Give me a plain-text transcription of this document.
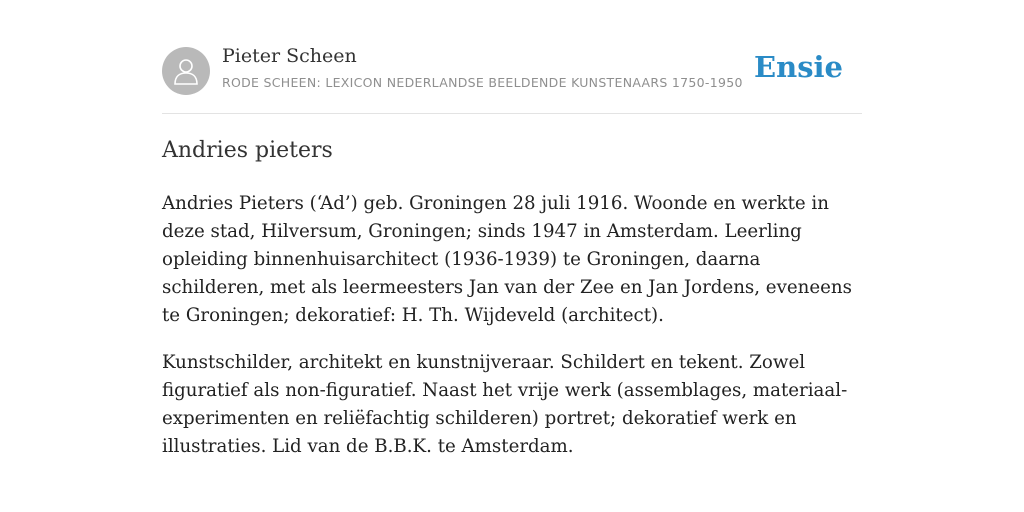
Pieter Scheen
RODE SCHEEN: LEXICON NEDERLANDSE BEELDENDE KUNSTENAARS 1750-1950 Ensie
Andries pieters

Andries Pieters (‘Ad’) geb. Groningen 28 juli 1916. Woonde en werkte in deze stad, Hilversum, Groningen; sinds 1947 in Amsterdam. Leerling opleiding binnenhuisarchitect (1936-1939) te Groningen, daarna schilderen, met als leermeesters Jan van der Zee en Jan Jordens, eveneens te Groningen; dekoratief: H. Th. Wijdeveld (architect).

Kunstschilder, architekt en kunstnijveraar. Schildert en tekent. Zowel figuratief als non-figuratief. Naast het vrije werk (assemblages, materiaal-experimenten en reliëfachtig schilderen) portret; dekoratief werk en illustraties. Lid van de B.B.K. te Amsterdam.
